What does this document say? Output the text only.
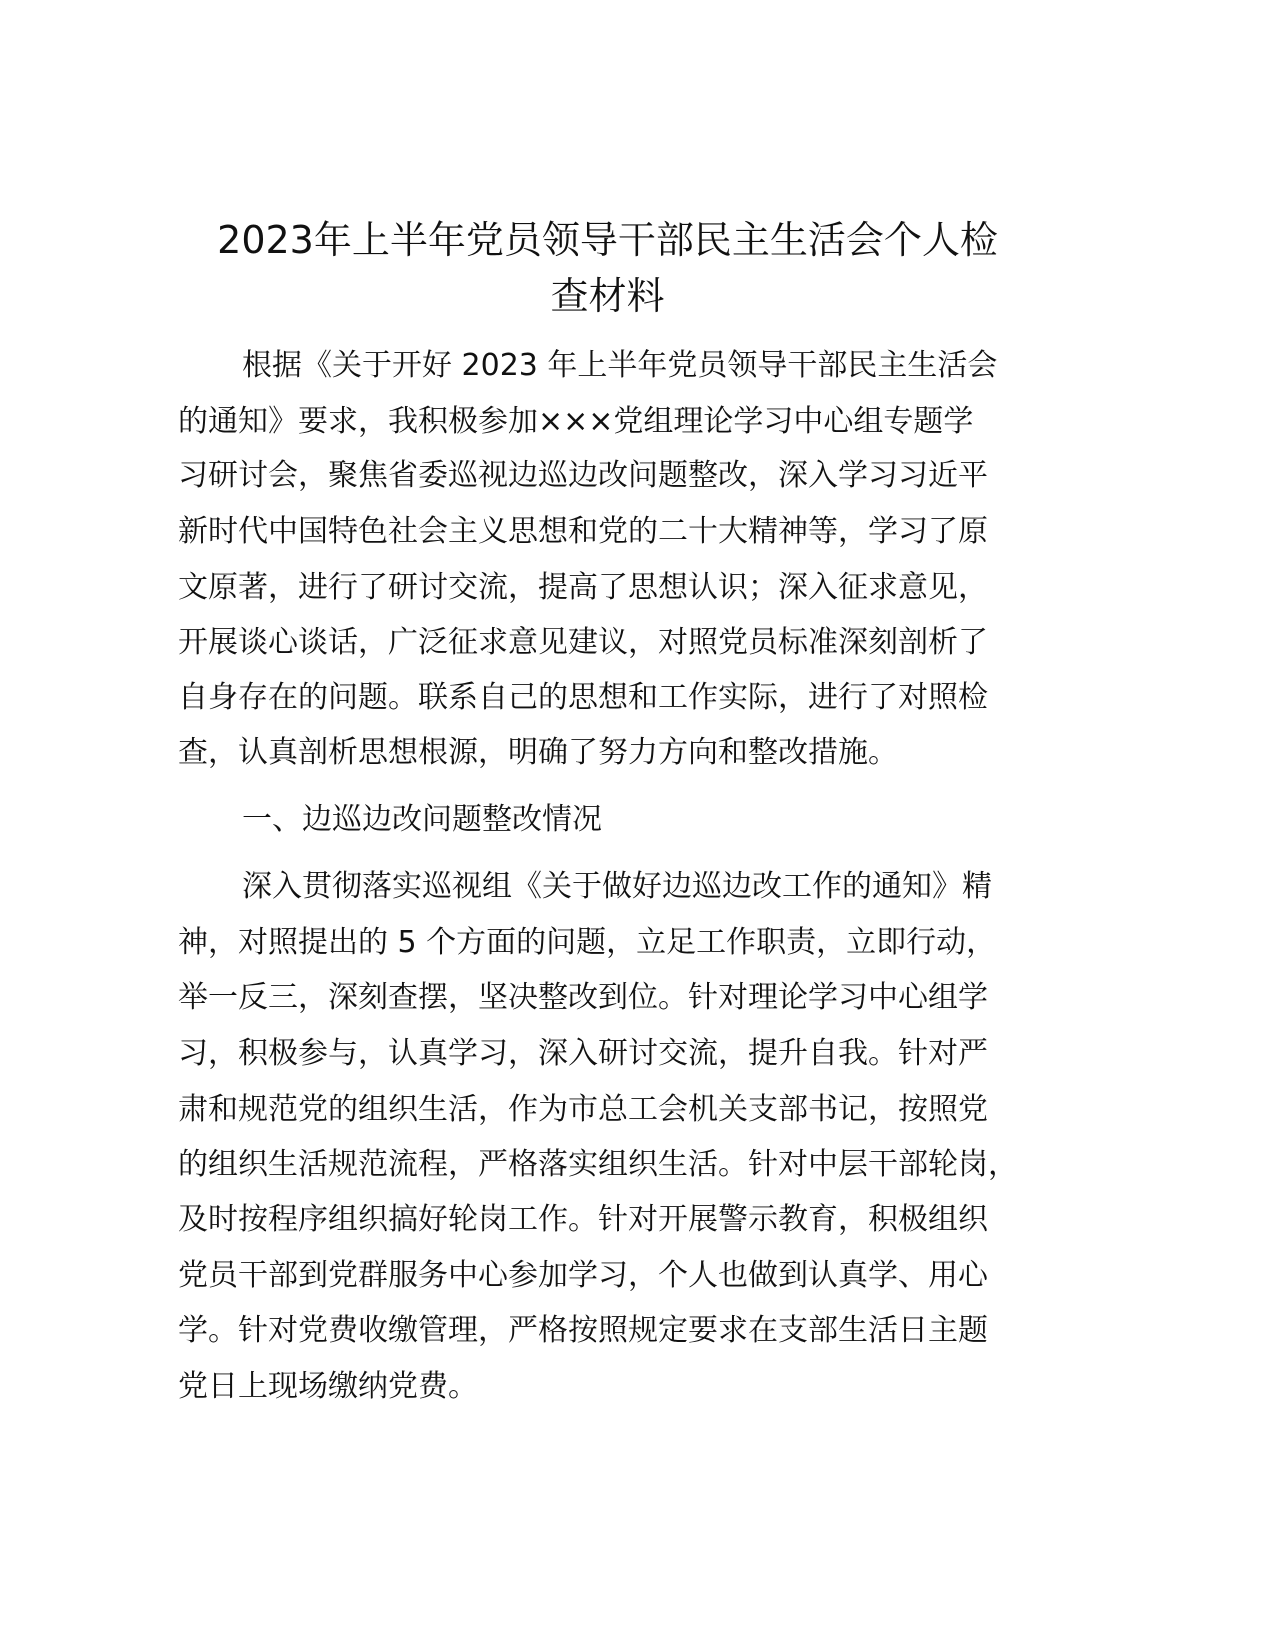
2023年上半年党员领导干部民主生活会个人检
查材料
根据《关于开好 2023 年上半年党员领导干部民主生活会
的通知》要求，我积极参加×××党组理论学习中心组专题学
习研讨会，聚焦省委巡视边巡边改问题整改，深入学习习近平
新时代中国特色社会主义思想和党的二十大精神等，学习了原
文原著，进行了研讨交流，提高了思想认识；深入征求意见，
开展谈心谈话，广泛征求意见建议，对照党员标准深刻剖析了
自身存在的问题。联系自己的思想和工作实际，进行了对照检
查，认真剖析思想根源，明确了努力方向和整改措施。
一、边巡边改问题整改情况
深入贯彻落实巡视组《关于做好边巡边改工作的通知》精
神，对照提出的 5 个方面的问题，立足工作职责，立即行动，
举一反三，深刻查摆，坚决整改到位。针对理论学习中心组学
习，积极参与，认真学习，深入研讨交流，提升自我。针对严
肃和规范党的组织生活，作为市总工会机关支部书记，按照党
的组织生活规范流程，严格落实组织生活。针对中层干部轮岗，
及时按程序组织搞好轮岗工作。针对开展警示教育，积极组织
党员干部到党群服务中心参加学习，个人也做到认真学、用心
学。针对党费收缴管理，严格按照规定要求在支部生活日主题
党日上现场缴纳党费。
